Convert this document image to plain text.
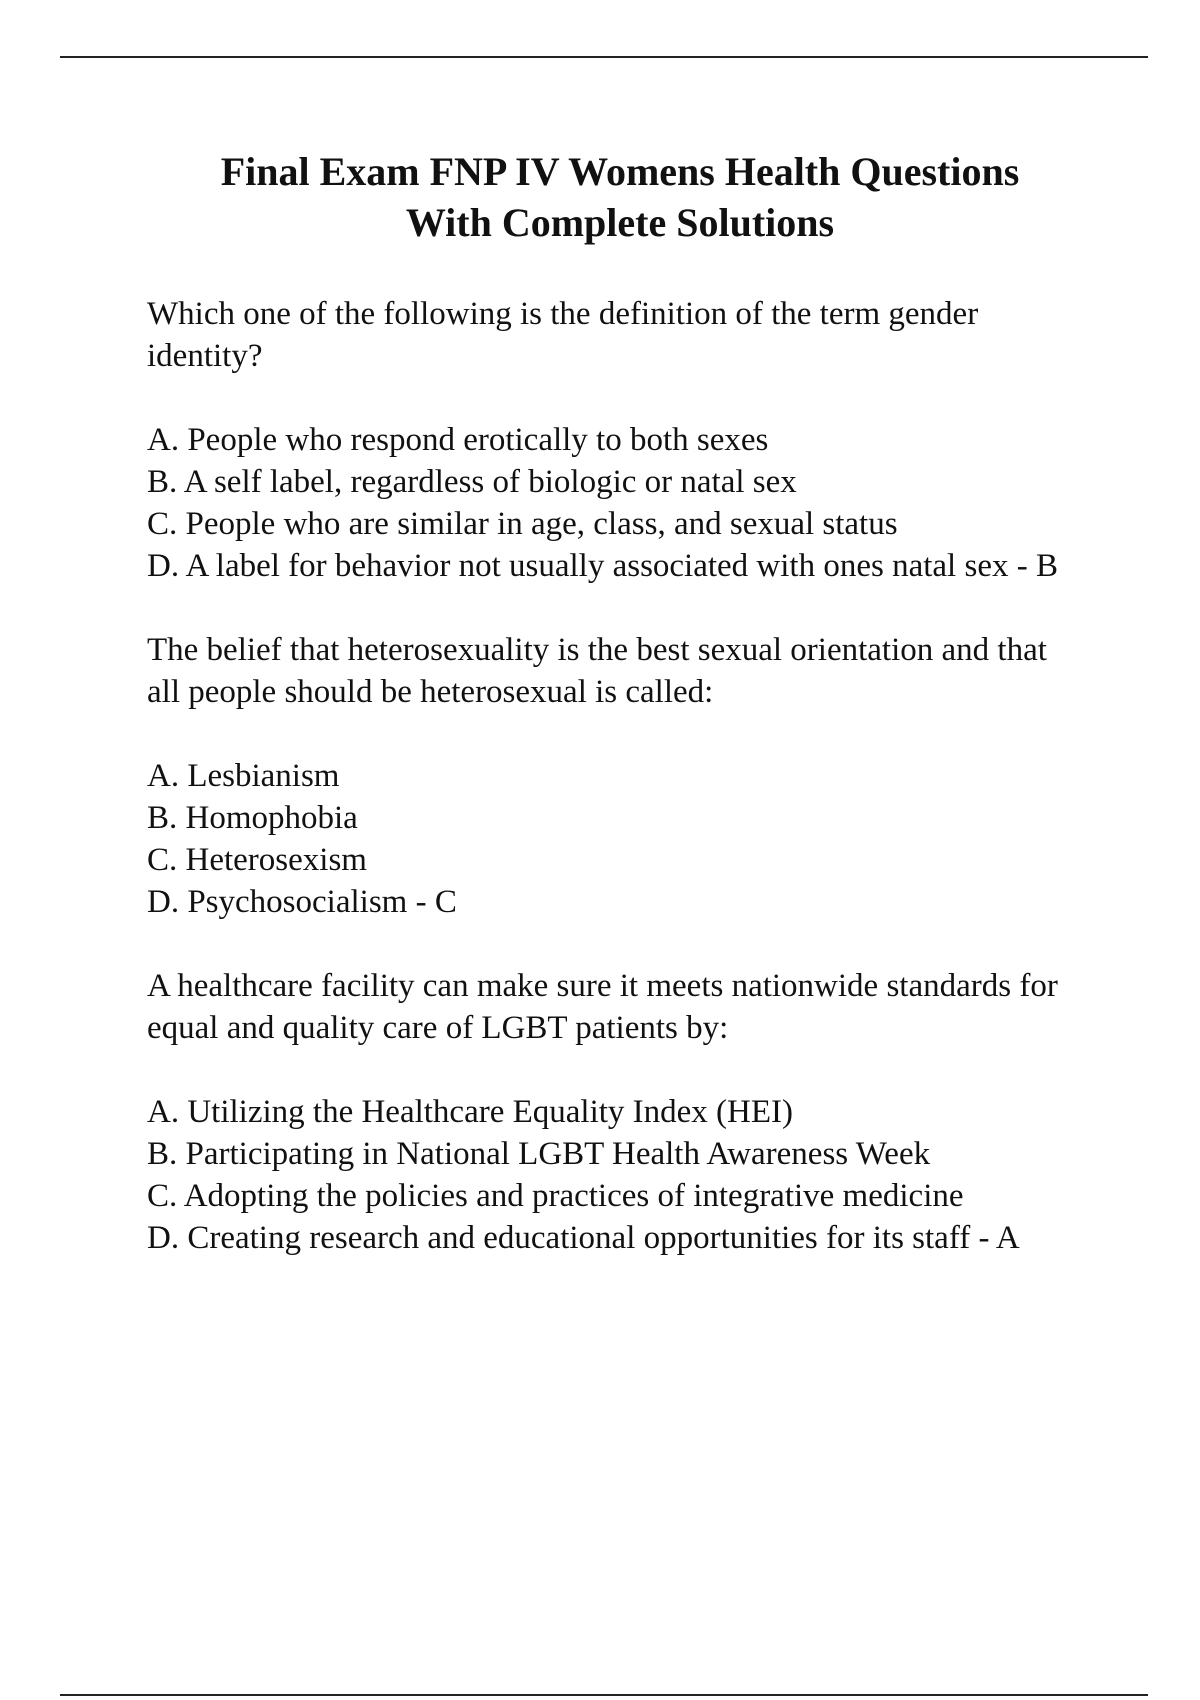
Final Exam FNP IV Womens Health Questions
With Complete Solutions

Which one of the following is the definition of the term gender identity?

A. People who respond erotically to both sexes
B. A self label, regardless of biologic or natal sex
C. People who are similar in age, class, and sexual status
D. A label for behavior not usually associated with ones natal sex - B

The belief that heterosexuality is the best sexual orientation and that all people should be heterosexual is called:

A. Lesbianism
B. Homophobia
C. Heterosexism
D. Psychosocialism - C

A healthcare facility can make sure it meets nationwide standards for equal and quality care of LGBT patients by:

A. Utilizing the Healthcare Equality Index (HEI)
B. Participating in National LGBT Health Awareness Week
C. Adopting the policies and practices of integrative medicine
D. Creating research and educational opportunities for its staff - A
